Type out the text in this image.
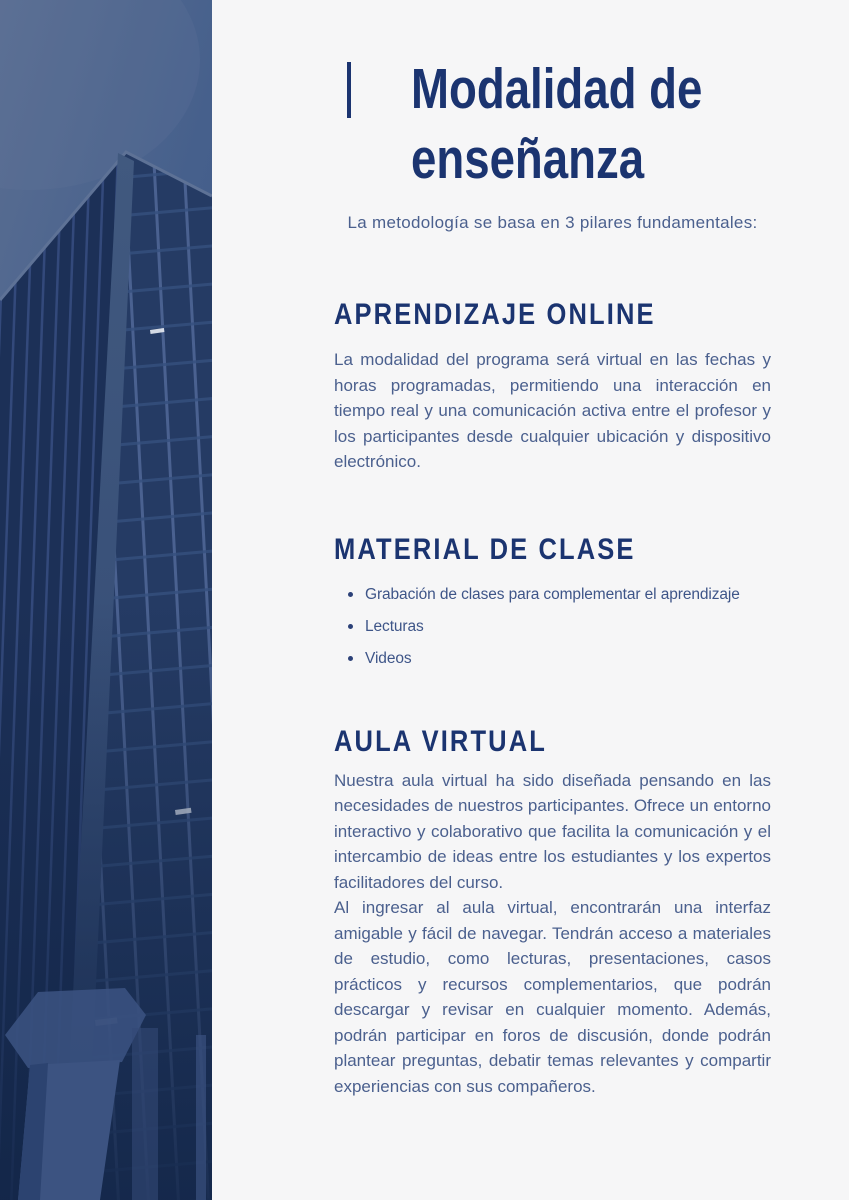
Modalidad de
enseñanza
La metodología se basa en 3 pilares fundamentales:
APRENDIZAJE ONLINE

La modalidad del programa será virtual en las fechas y horas programadas, permitiendo una interacción en tiempo real y una comunicación activa entre el profesor y los participantes desde cualquier ubicación y dispositivo electrónico.

MATERIAL DE CLASE
Grabación de clases para complementar el aprendizaje
Lecturas
Videos
AULA VIRTUAL

Nuestra aula virtual ha sido diseñada pensando en las necesidades de nuestros participantes. Ofrece un entorno interactivo y colaborativo que facilita la comunicación y el intercambio de ideas entre los estudiantes y los expertos facilitadores del curso.

Al ingresar al aula virtual, encontrarán una interfaz amigable y fácil de navegar. Tendrán acceso a materiales de estudio, como lecturas, presentaciones, casos prácticos y recursos complementarios, que podrán descargar y revisar en cualquier momento. Además, podrán participar en foros de discusión, donde podrán plantear preguntas, debatir temas relevantes y compartir experiencias con sus compañeros.
